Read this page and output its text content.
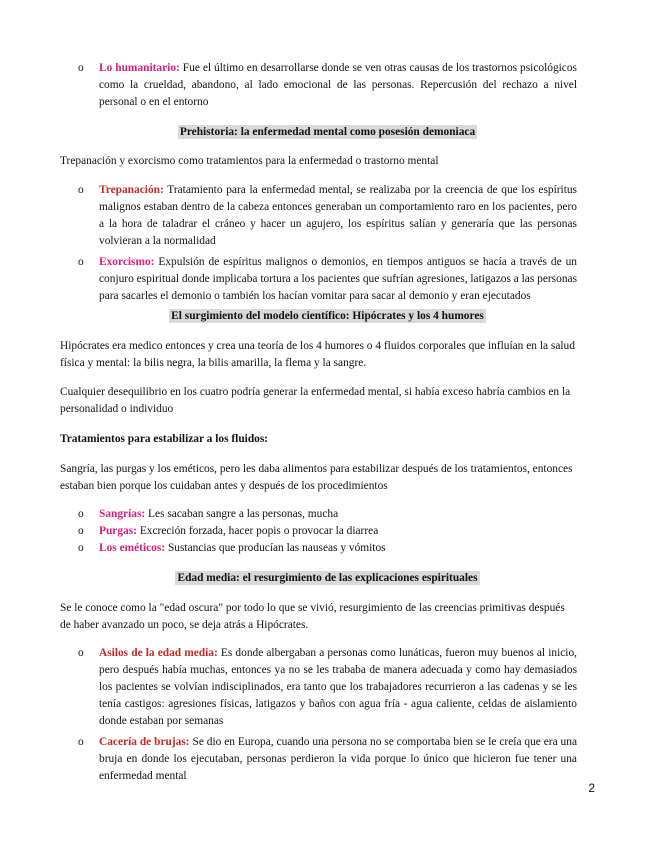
o Lo humanitario: Fue el último en desarrollarse donde se ven otras causas de los trastornos psicológicos como la crueldad, abandono, al lado emocional de las personas. Repercusión del rechazo a nivel personal o en el entorno
Prehistoria: la enfermedad mental como posesión demoniaca

Trepanación y exorcismo como tratamientos para la enfermedad o trastorno mental

o Trepanación: Tratamiento para la enfermedad mental, se realizaba por la creencia de que los espíritus malignos estaban dentro de la cabeza entonces generaban un comportamiento raro en los pacientes, pero a la hora de taladrar el cráneo y hacer un agujero, los espíritus salían y generaría que las personas volvieran a la normalidad
o Exorcismo: Expulsión de espíritus malignos o demonios, en tiempos antiguos se hacía a través de un conjuro espiritual donde implicaba tortura a los pacientes que sufrían agresiones, latigazos a las personas para sacarles el demonio o también los hacían vomitar para sacar al demonio y eran ejecutados
El surgimiento del modelo científico: Hipócrates y los 4 humores

Hipócrates era medico entonces y crea una teoría de los 4 humores o 4 fluidos corporales que influían en la salud física y mental: la bilis negra, la bilis amarilla, la flema y la sangre.

Cualquier desequilibrio en los cuatro podría generar la enfermedad mental, si había exceso habría cambios en la personalidad o individuo

Tratamientos para estabilizar a los fluidos:

Sangría, las purgas y los eméticos, pero les daba alimentos para estabilizar después de los tratamientos, entonces estaban bien porque los cuidaban antes y después de los procedimientos

o Sangrías: Les sacaban sangre a las personas, mucha
o Purgas: Excreción forzada, hacer popis o provocar la diarrea
o Los eméticos: Sustancias que producían las nauseas y vómitos
Edad media: el resurgimiento de las explicaciones espirituales

Se le conoce como la "edad oscura" por todo lo que se vivió, resurgimiento de las creencias primitivas después de haber avanzado un poco, se deja atrás a Hipócrates.

o Asilos de la edad media: Es donde albergaban a personas como lunáticas, fueron muy buenos al inicio, pero después había muchas, entonces ya no se les trababa de manera adecuada y como hay demasiados los pacientes se volvían indisciplinados, era tanto que los trabajadores recurrieron a las cadenas y se les tenía castigos: agresiones físicas, latigazos y baños con agua fría - agua caliente, celdas de aislamiento donde estaban por semanas
o Cacería de brujas: Se dio en Europa, cuando una persona no se comportaba bien se le creía que era una bruja en donde los ejecutaban, personas perdieron la vida porque lo único que hicieron fue tener una enfermedad mental
2
